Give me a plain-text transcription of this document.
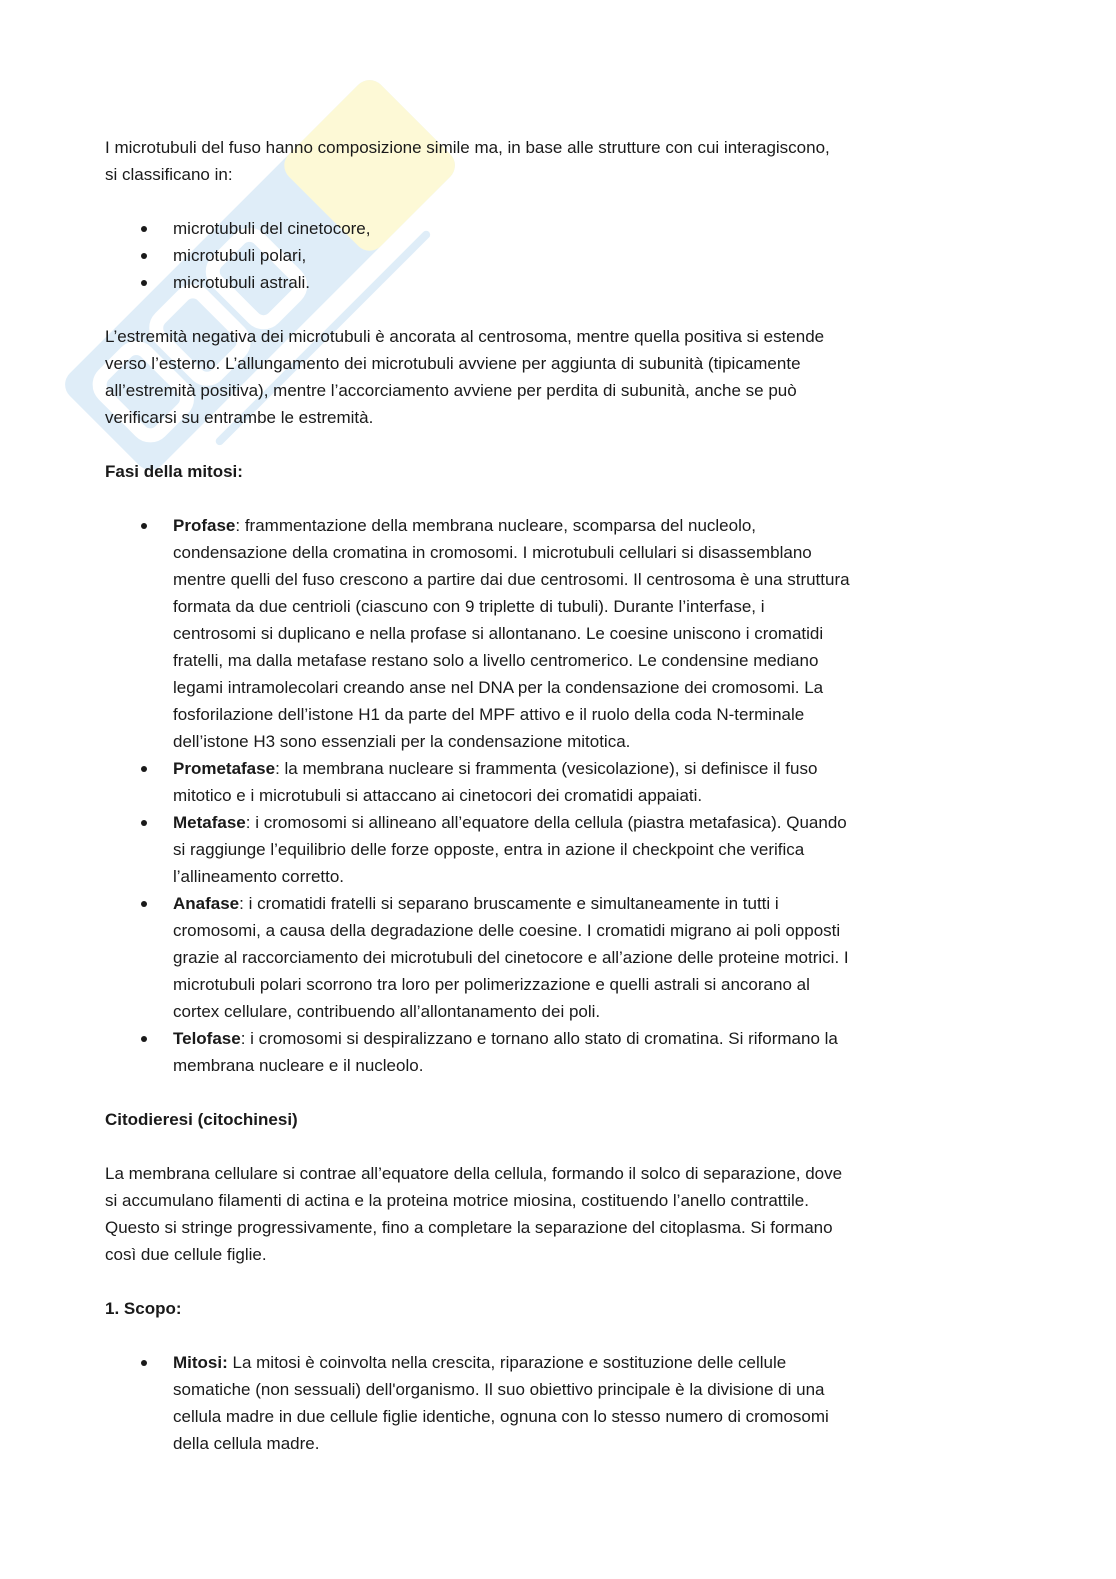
I microtubuli del fuso hanno composizione simile ma, in base alle strutture con cui interagiscono,
si classificano in:
microtubuli del cinetocore,
microtubuli polari,
microtubuli astrali.
L’estremità negativa dei microtubuli è ancorata al centrosoma, mentre quella positiva si estende
verso l’esterno. L’allungamento dei microtubuli avviene per aggiunta di subunità (tipicamente
all’estremità positiva), mentre l’accorciamento avviene per perdita di subunità, anche se può
verificarsi su entrambe le estremità.
Fasi della mitosi:
Profase: frammentazione della membrana nucleare, scomparsa del nucleolo,
condensazione della cromatina in cromosomi. I microtubuli cellulari si disassemblano
mentre quelli del fuso crescono a partire dai due centrosomi. Il centrosoma è una struttura
formata da due centrioli (ciascuno con 9 triplette di tubuli). Durante l’interfase, i
centrosomi si duplicano e nella profase si allontanano. Le coesine uniscono i cromatidi
fratelli, ma dalla metafase restano solo a livello centromerico. Le condensine mediano
legami intramolecolari creando anse nel DNA per la condensazione dei cromosomi. La
fosforilazione dell’istone H1 da parte del MPF attivo e il ruolo della coda N-terminale
dell’istone H3 sono essenziali per la condensazione mitotica.
Prometafase: la membrana nucleare si frammenta (vesicolazione), si definisce il fuso
mitotico e i microtubuli si attaccano ai cinetocori dei cromatidi appaiati.
Metafase: i cromosomi si allineano all’equatore della cellula (piastra metafasica). Quando
si raggiunge l’equilibrio delle forze opposte, entra in azione il checkpoint che verifica
l’allineamento corretto.
Anafase: i cromatidi fratelli si separano bruscamente e simultaneamente in tutti i
cromosomi, a causa della degradazione delle coesine. I cromatidi migrano ai poli opposti
grazie al raccorciamento dei microtubuli del cinetocore e all’azione delle proteine motrici. I
microtubuli polari scorrono tra loro per polimerizzazione e quelli astrali si ancorano al
cortex cellulare, contribuendo all’allontanamento dei poli.
Telofase: i cromosomi si despiralizzano e tornano allo stato di cromatina. Si riformano la
membrana nucleare e il nucleolo.
Citodieresi (citochinesi)
La membrana cellulare si contrae all’equatore della cellula, formando il solco di separazione, dove
si accumulano filamenti di actina e la proteina motrice miosina, costituendo l’anello contrattile.
Questo si stringe progressivamente, fino a completare la separazione del citoplasma. Si formano
così due cellule figlie.
1. Scopo:
Mitosi: La mitosi è coinvolta nella crescita, riparazione e sostituzione delle cellule
somatiche (non sessuali) dell'organismo. Il suo obiettivo principale è la divisione di una
cellula madre in due cellule figlie identiche, ognuna con lo stesso numero di cromosomi
della cellula madre.
